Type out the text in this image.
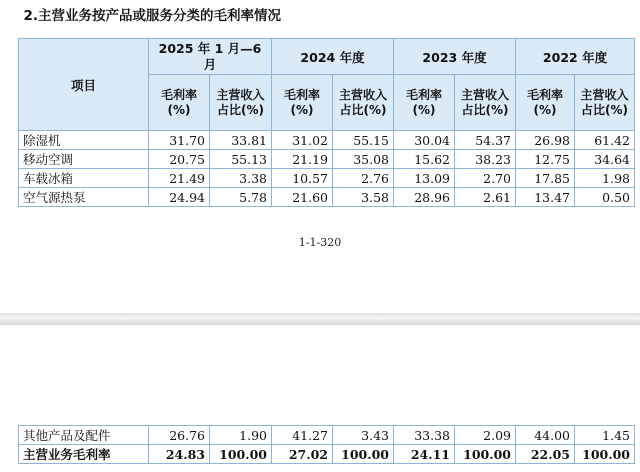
2.主营业务按产品或服务分类的毛利率情况
项目	2025 年 1 月—6 月		2024 年度		2023 年度		2022 年度	
	毛利率(%)	主营收入占比(%)	毛利率(%)	主营收入占比(%)	毛利率(%)	主营收入占比(%)	毛利率(%)	主营收入占比(%)
除湿机	31.70	33.81	31.02	55.15	30.04	54.37	26.98	61.42
移动空调	20.75	55.13	21.19	35.08	15.62	38.23	12.75	34.64
车载冰箱	21.49	3.38	10.57	2.76	13.09	2.70	17.85	1.98
空气源热泵	24.94	5.78	21.60	3.58	28.96	2.61	13.47	0.50
1-1-320
其他产品及配件	26.76	1.90	41.27	3.43	33.38	2.09	44.00	1.45
主营业务毛利率	24.83	100.00	27.02	100.00	24.11	100.00	22.05	100.00
